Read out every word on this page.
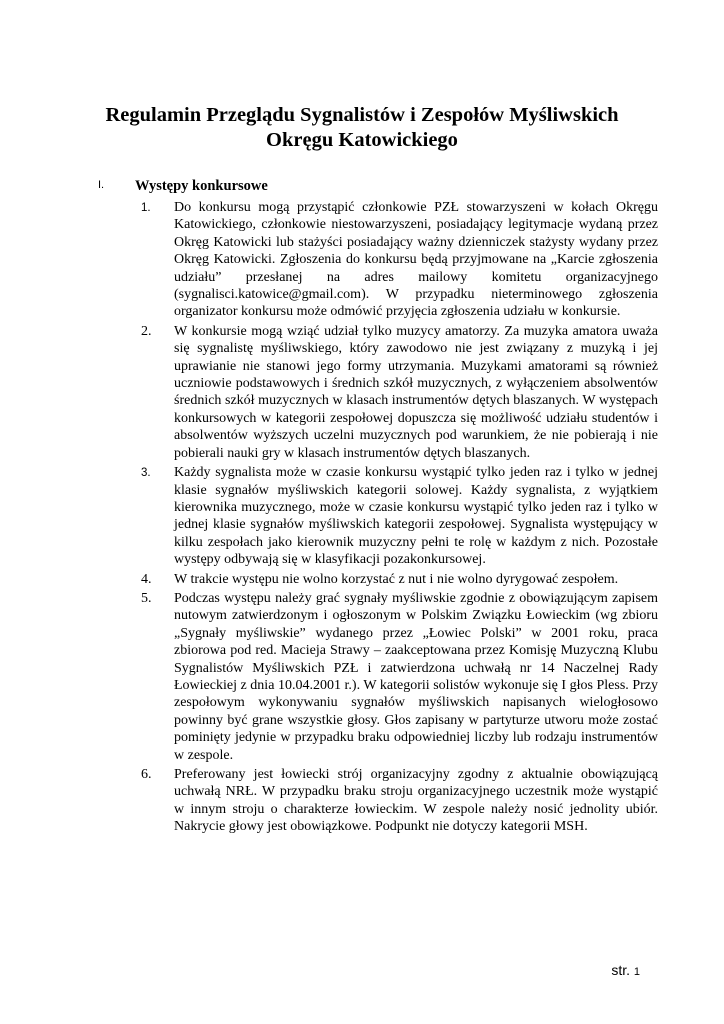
Regulamin Przeglądu Sygnalistów i Zespołów Myśliwskich
Okręgu Katowickiego
I. Występy konkursowe
1. Do konkursu mogą przystąpić członkowie PZŁ stowarzyszeni w kołach Okręgu Katowickiego, członkowie niestowarzyszeni, posiadający legitymacje wydaną przez Okręg Katowicki lub stażyści posiadający ważny dzienniczek stażysty wydany przez Okręg Katowicki. Zgłoszenia do konkursu będą przyjmowane na „Karcie zgłoszenia udziału” przesłanej na adres mailowy komitetu organizacyjnego (sygnalisci.katowice@gmail.com). W przypadku nieterminowego zgłoszenia organizator konkursu może odmówić przyjęcia zgłoszenia udziału w konkursie.

2. W konkursie mogą wziąć udział tylko muzycy amatorzy. Za muzyka amatora uważa się sygnalistę myśliwskiego, który zawodowo nie jest związany z muzyką i jej uprawianie nie stanowi jego formy utrzymania. Muzykami amatorami są również uczniowie podstawowych i średnich szkół muzycznych, z wyłączeniem absolwentów średnich szkół muzycznych w klasach instrumentów dętych blaszanych. W występach konkursowych w kategorii zespołowej dopuszcza się możliwość udziału studentów i absolwentów wyższych uczelni muzycznych pod warunkiem, że nie pobierają i nie pobierali nauki gry w klasach instrumentów dętych blaszanych.

3. Każdy sygnalista może w czasie konkursu wystąpić tylko jeden raz i tylko w jednej klasie sygnałów myśliwskich kategorii solowej. Każdy sygnalista, z wyjątkiem kierownika muzycznego, może w czasie konkursu wystąpić tylko jeden raz i tylko w jednej klasie sygnałów myśliwskich kategorii zespołowej. Sygnalista występujący w kilku zespołach jako kierownik muzyczny pełni te rolę w każdym z nich. Pozostałe występy odbywają się w klasyfikacji pozakonkursowej.

4. W trakcie występu nie wolno korzystać z nut i nie wolno dyrygować zespołem.

5. Podczas występu należy grać sygnały myśliwskie zgodnie z obowiązującym zapisem nutowym zatwierdzonym i ogłoszonym w Polskim Związku Łowieckim (wg zbioru „Sygnały myśliwskie” wydanego przez „Łowiec Polski” w 2001 roku, praca zbiorowa pod red. Macieja Strawy – zaakceptowana przez Komisję Muzyczną Klubu Sygnalistów Myśliwskich PZŁ i zatwierdzona uchwałą nr 14 Naczelnej Rady Łowieckiej z dnia 10.04.2001 r.). W kategorii solistów wykonuje się I głos Pless. Przy zespołowym wykonywaniu sygnałów myśliwskich napisanych wielogłosowo powinny być grane wszystkie głosy. Głos zapisany w partyturze utworu może zostać pominięty jedynie w przypadku braku odpowiedniej liczby lub rodzaju instrumentów w zespole.

6. Preferowany jest łowiecki strój organizacyjny zgodny z aktualnie obowiązującą uchwałą NRŁ. W przypadku braku stroju organizacyjnego uczestnik może wystąpić w innym stroju o charakterze łowieckim. W zespole należy nosić jednolity ubiór. Nakrycie głowy jest obowiązkowe. Podpunkt nie dotyczy kategorii MSH.

str. 1
